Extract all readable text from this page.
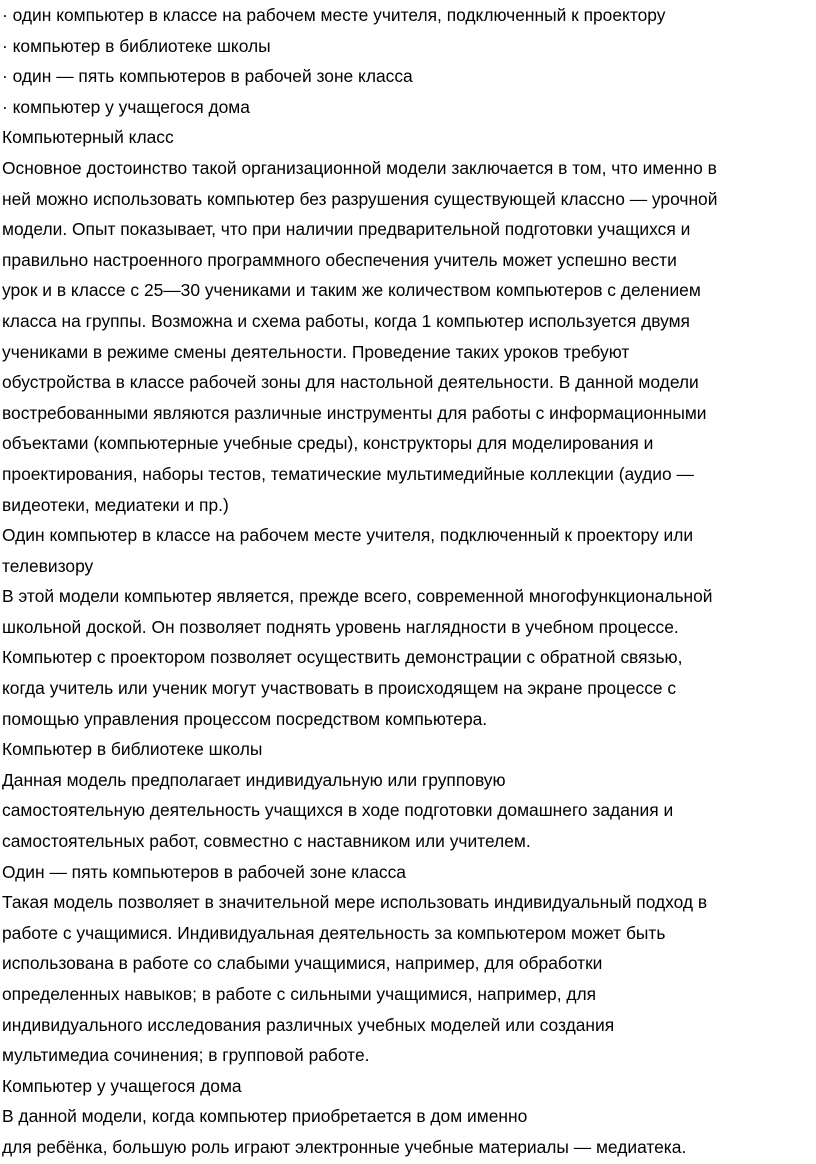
· один компьютер в классе на рабочем месте учителя, подключенный к проектору
· компьютер в библиотеке школы
· один — пять компьютеров в рабочей зоне класса
· компьютер у учащегося дома
Компьютерный класс
Основное достоинство такой организационной модели заключается в том, что именно в
ней можно использовать компьютер без разрушения существующей классно — урочной
модели. Опыт показывает, что при наличии предварительной подготовки учащихся и
правильно настроенного программного обеспечения учитель может успешно вести
урок и в классе с 25—30 учениками и таким же количеством компьютеров с делением
класса на группы. Возможна и схема работы, когда 1 компьютер используется двумя
учениками в режиме смены деятельности. Проведение таких уроков требуют
обустройства в классе рабочей зоны для настольной деятельности. В данной модели
востребованными являются различные инструменты для работы с информационными
объектами (компьютерные учебные среды), конструкторы для моделирования и
проектирования, наборы тестов, тематические мультимедийные коллекции (аудио —
видеотеки, медиатеки и пр.)
Один компьютер в классе на рабочем месте учителя, подключенный к проектору или
телевизору
В этой модели компьютер является, прежде всего, современной многофункциональной
школьной доской. Он позволяет поднять уровень наглядности в учебном процессе.
Компьютер с проектором позволяет осуществить демонстрации с обратной связью,
когда учитель или ученик могут участвовать в происходящем на экране процессе с
помощью управления процессом посредством компьютера.
Компьютер в библиотеке школы
Данная модель предполагает индивидуальную или групповую
самостоятельную деятельность учащихся в ходе подготовки домашнего задания и
самостоятельных работ, совместно с наставником или учителем.
Один — пять компьютеров в рабочей зоне класса
Такая модель позволяет в значительной мере использовать индивидуальный подход в
работе с учащимися. Индивидуальная деятельность за компьютером может быть
использована в работе со слабыми учащимися, например, для обработки
определенных навыков; в работе с сильными учащимися, например, для
индивидуального исследования различных учебных моделей или создания
мультимедиа сочинения; в групповой работе.
Компьютер у учащегося дома
В данной модели, когда компьютер приобретается в дом именно
для ребёнка, большую роль играют электронные учебные материалы — медиатека.
